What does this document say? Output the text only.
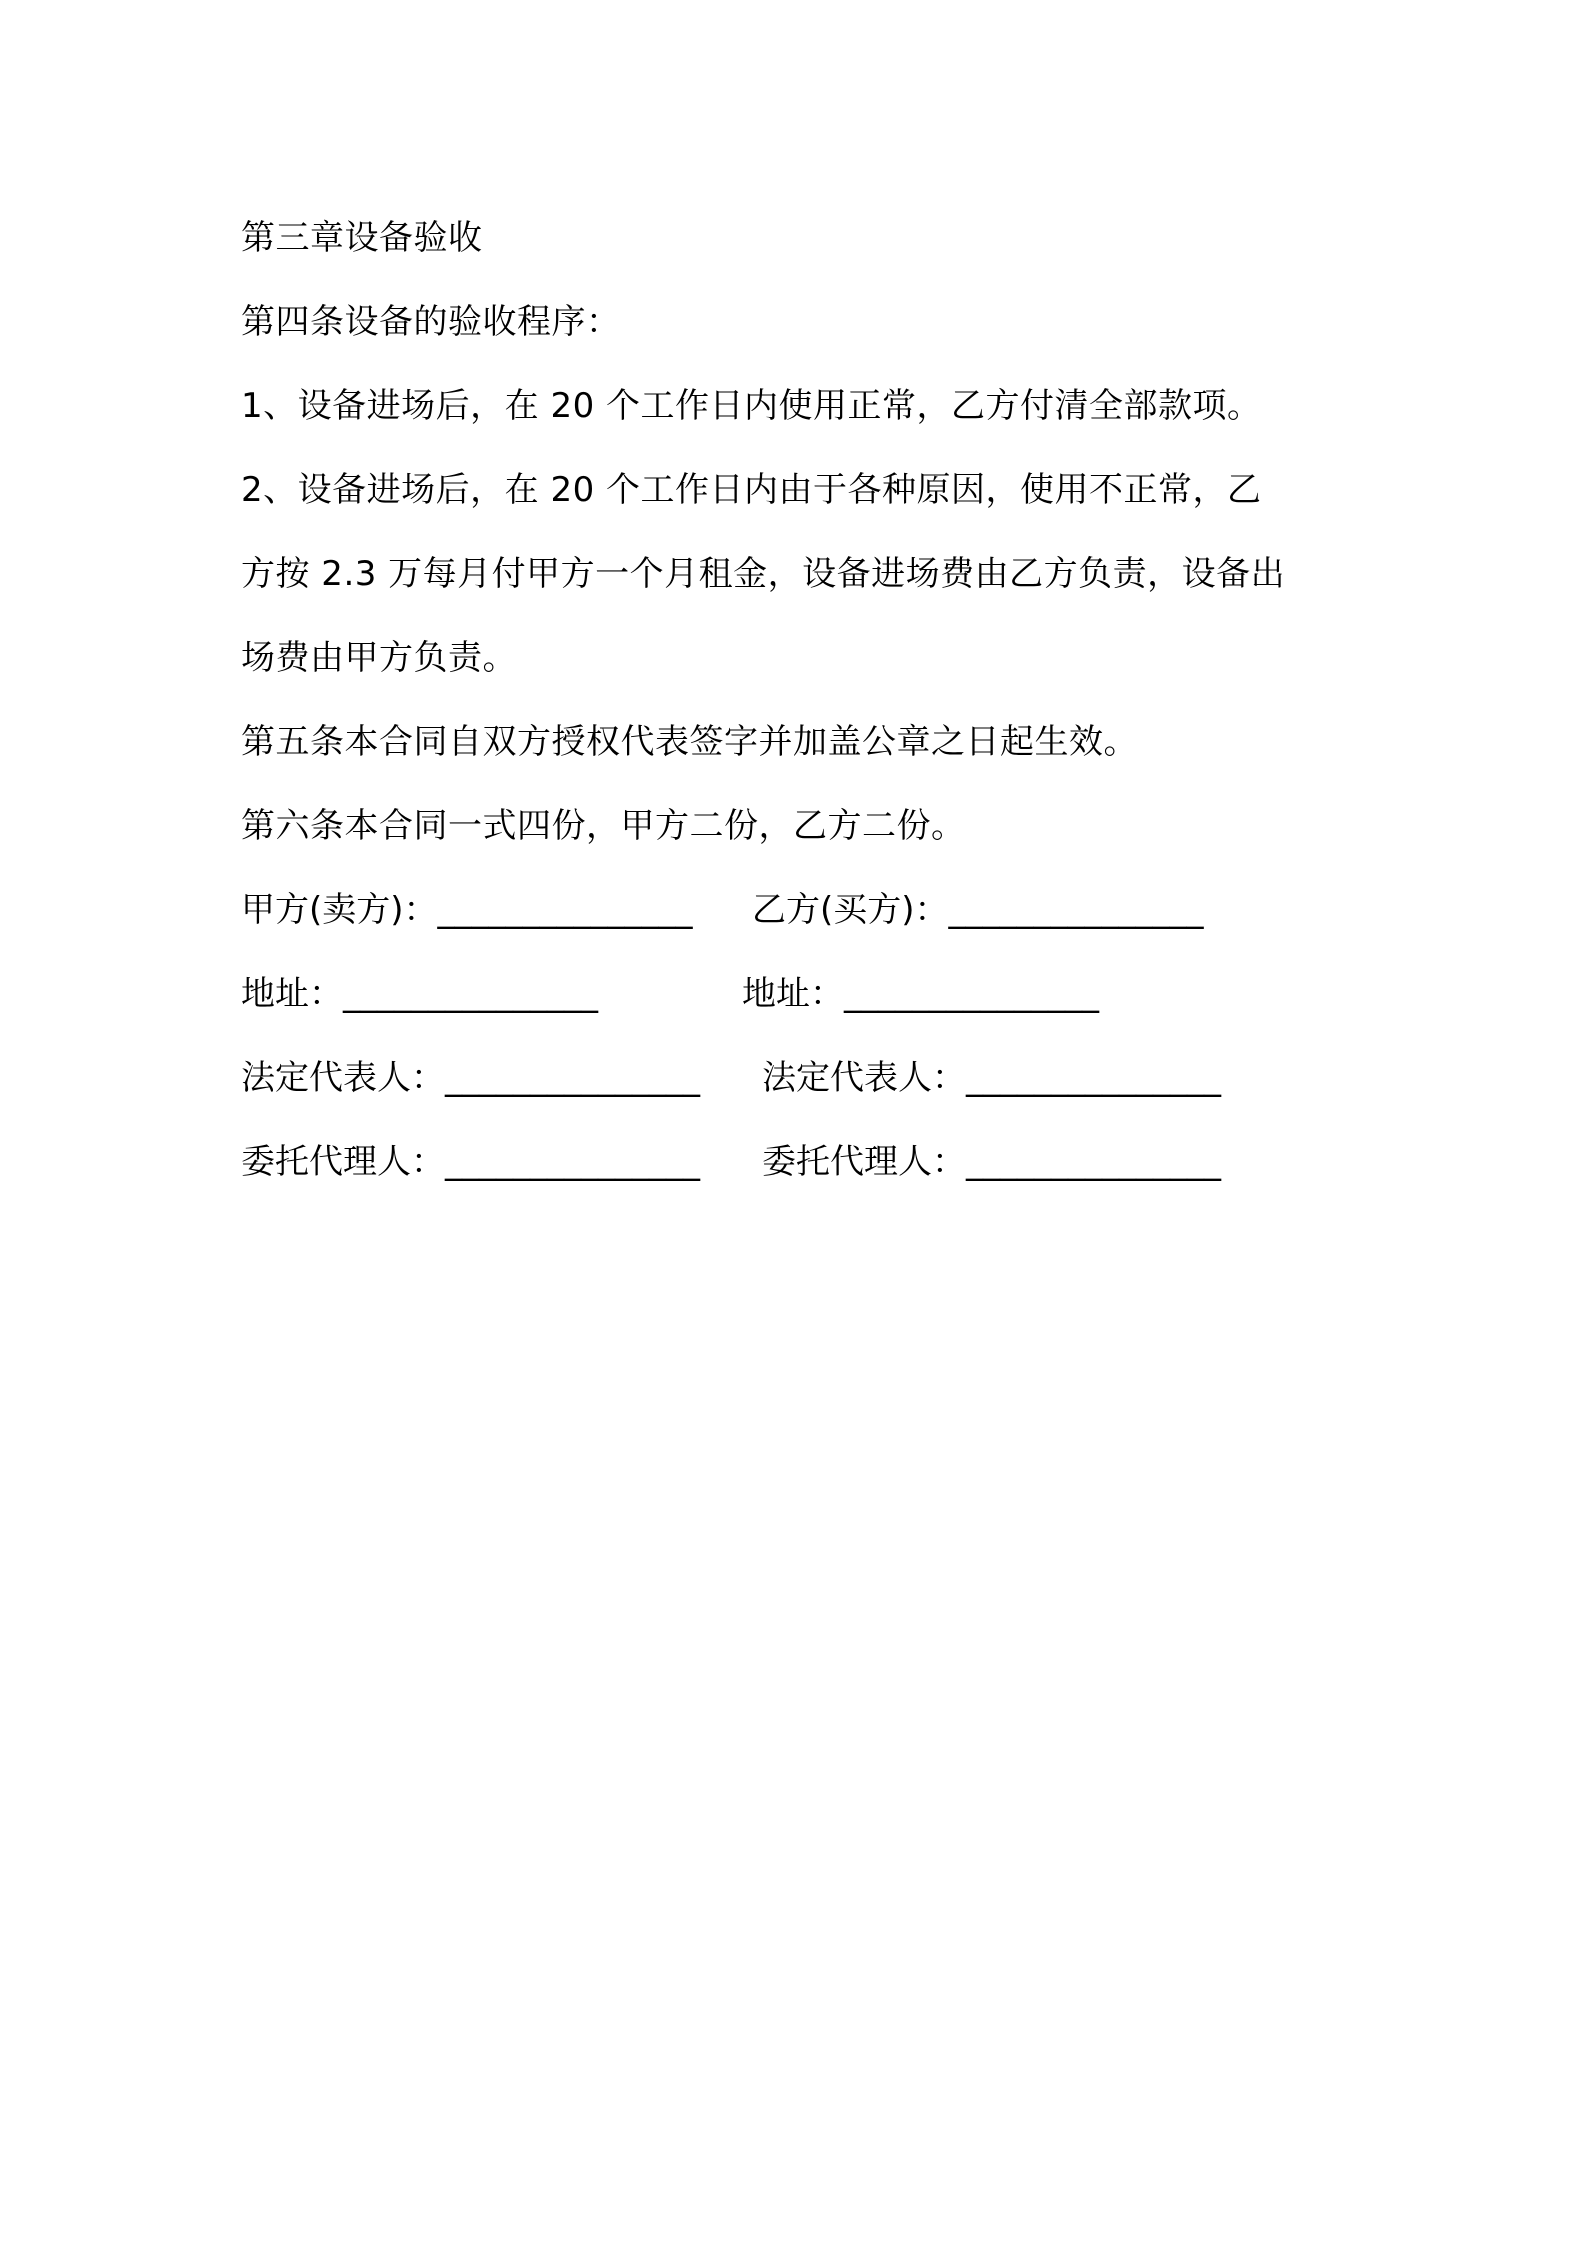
第三章设备验收
第四条设备的验收程序：
1、设备进场后，在 20 个工作日内使用正常，乙方付清全部款项。
2、设备进场后，在 20 个工作日内由于各种原因，使用不正常，乙
方按 2.3 万每月付甲方一个月租金，设备进场费由乙方负责，设备出
场费由甲方负责。
第五条本合同自双方授权代表签字并加盖公章之日起生效。
第六条本合同一式四份，甲方二份，乙方二份。
甲方(卖方)：_______________ 乙方(买方)：_______________
地址：_______________	地址：_______________
法定代表人：_______________ 法定代表人：_______________
委托代理人：_______________ 委托代理人：_______________
